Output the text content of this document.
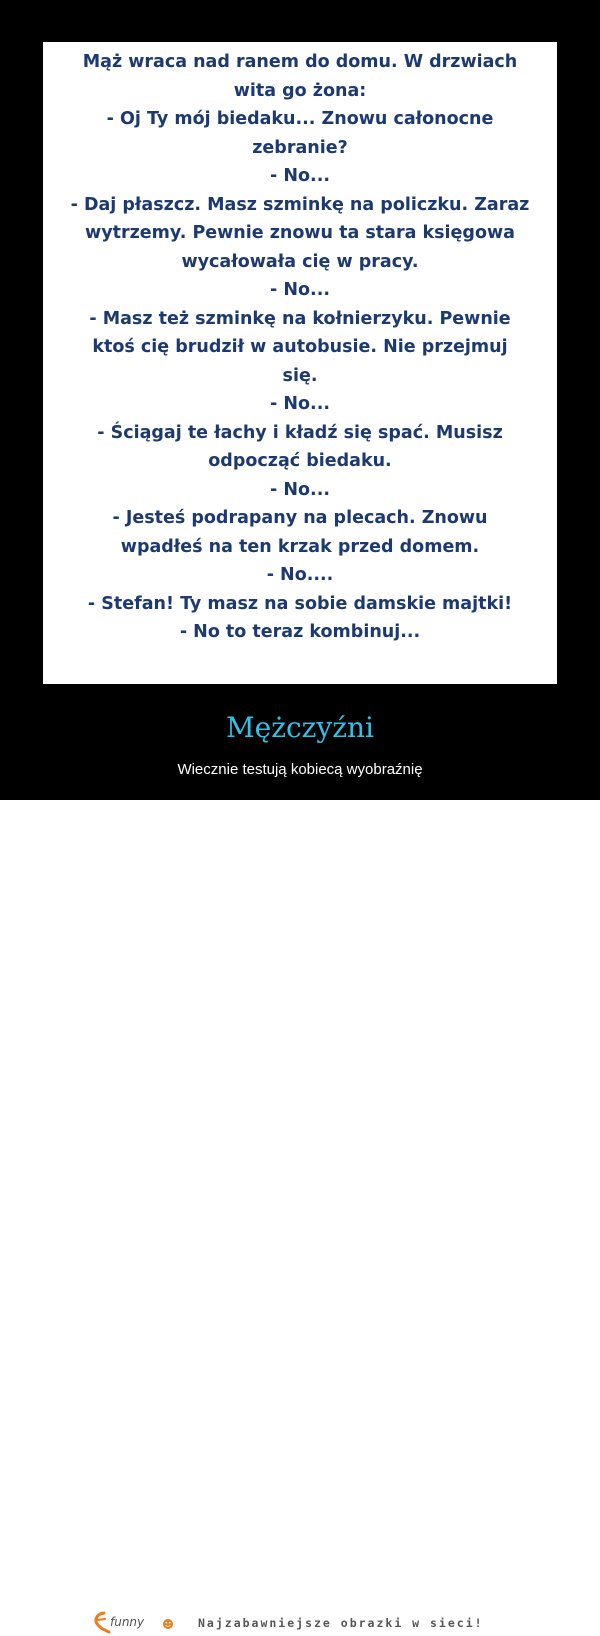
Mąż wraca nad ranem do domu. W drzwiach
wita go żona:
- Oj Ty mój biedaku... Znowu całonocne
zebranie?
- No...
- Daj płaszcz. Masz szminkę na policzku. Zaraz
wytrzemy. Pewnie znowu ta stara księgowa
wycałowała cię w pracy.
- No...
- Masz też szminkę na kołnierzyku. Pewnie
ktoś cię brudził w autobusie. Nie przejmuj
się.
- No...
- Ściągaj te łachy i kładź się spać. Musisz
odpocząć biedaku.
- No...
- Jesteś podrapany na plecach. Znowu
wpadłeś na ten krzak przed domem.
- No....
- Stefan! Ty masz na sobie damskie majtki!
- No to teraz kombinuj...

Mężczyźni
Wiecznie testują kobiecą wyobraźnię
funny	Najzabawniejsze obrazki w sieci!
